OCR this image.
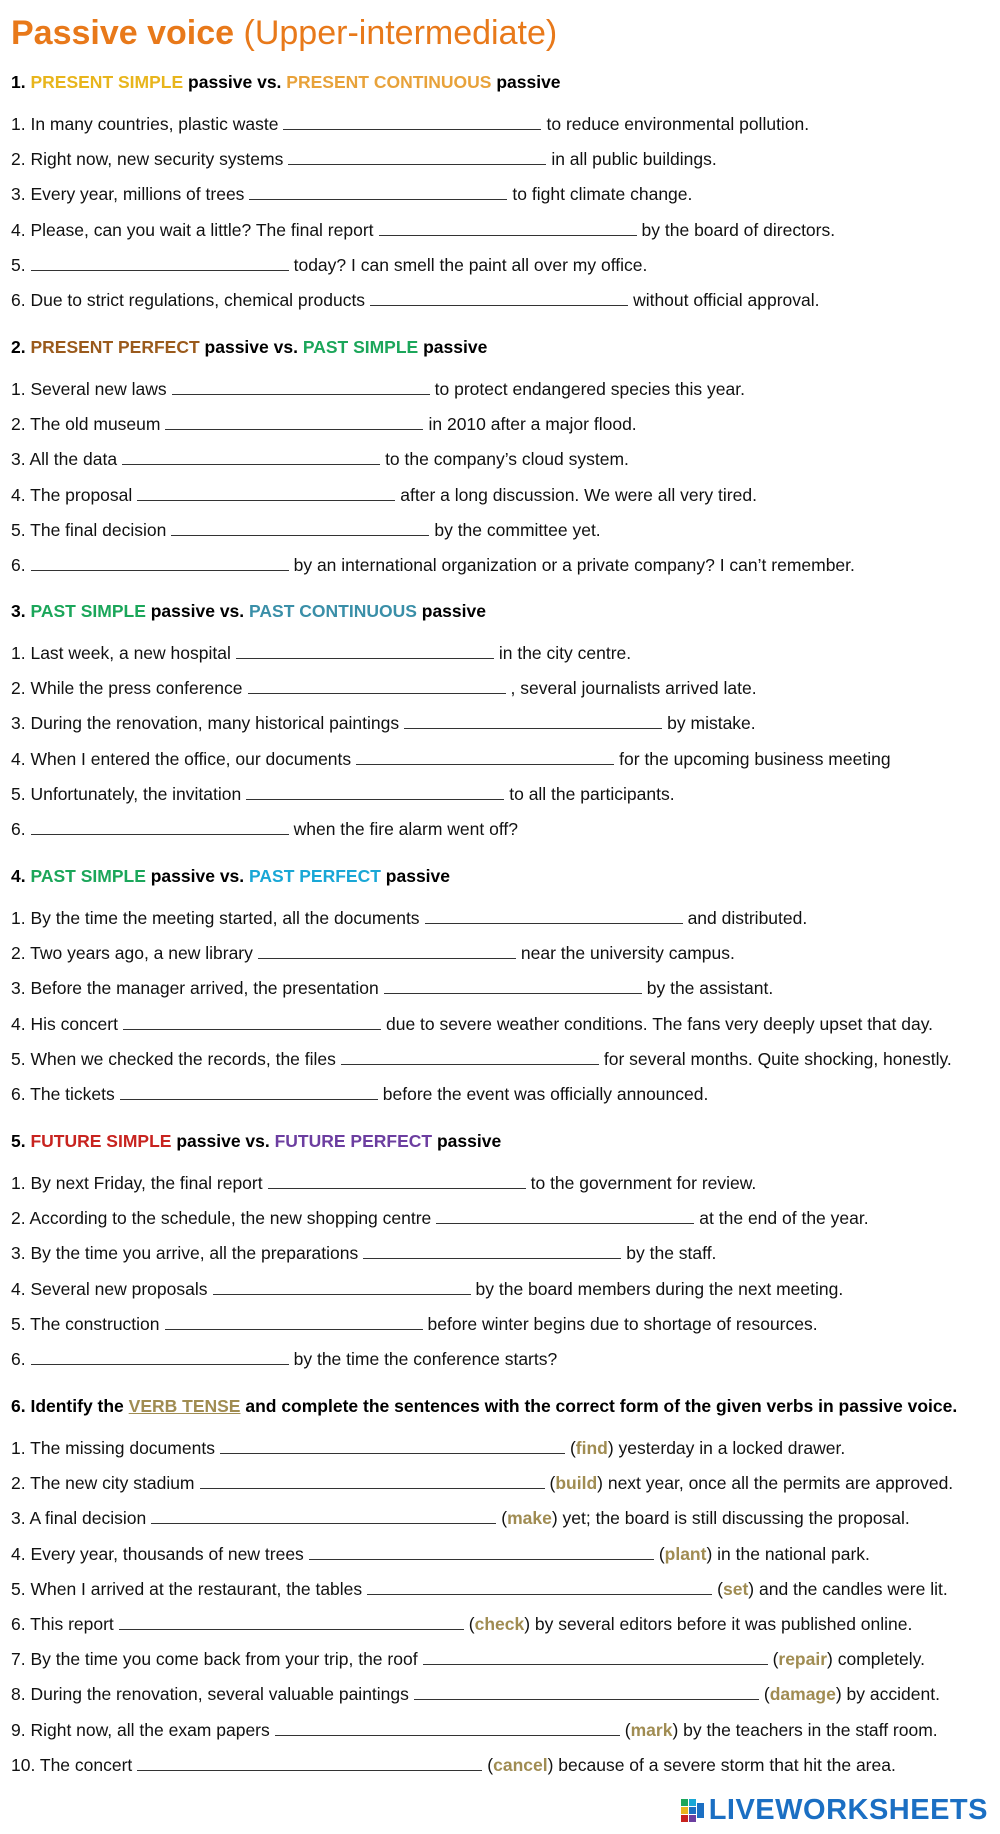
Passive voice (Upper-intermediate)
1. PRESENT SIMPLE passive vs. PRESENT CONTINUOUS passive
1. In many countries, plastic waste	to reduce environmental pollution.
2. Right now, new security systems	in all public buildings.
3. Every year, millions of trees	to fight climate change.
4. Please, can you wait a little? The final report	by the board of directors.
5.	today? I can smell the paint all over my office.
6. Due to strict regulations, chemical products	without official approval.
2. PRESENT PERFECT passive vs. PAST SIMPLE passive
1. Several new laws	to protect endangered species this year.
2. The old museum	in 2010 after a major flood.
3. All the data	to the company’s cloud system.
4. The proposal	after a long discussion. We were all very tired.
5. The final decision	by the committee yet.
6.	by an international organization or a private company? I can’t remember.
3. PAST SIMPLE passive vs. PAST CONTINUOUS passive
1. Last week, a new hospital	in the city centre.
2. While the press conference	, several journalists arrived late.
3. During the renovation, many historical paintings	by mistake.
4. When I entered the office, our documents	for the upcoming business meeting
5. Unfortunately, the invitation	to all the participants.
6.	when the fire alarm went off?
4. PAST SIMPLE passive vs. PAST PERFECT passive
1. By the time the meeting started, all the documents	and distributed.
2. Two years ago, a new library	near the university campus.
3. Before the manager arrived, the presentation	by the assistant.
4. His concert	due to severe weather conditions. The fans very deeply upset that day.
5. When we checked the records, the files	for several months. Quite shocking, honestly.
6. The tickets	before the event was officially announced.
5. FUTURE SIMPLE passive vs. FUTURE PERFECT passive
1. By next Friday, the final report	to the government for review.
2. According to the schedule, the new shopping centre	at the end of the year.
3. By the time you arrive, all the preparations	by the staff.
4. Several new proposals	by the board members during the next meeting.
5. The construction	before winter begins due to shortage of resources.
6.	by the time the conference starts?
6. Identify the VERB TENSE and complete the sentences with the correct form of the given verbs in passive voice.
1. The missing documents	(find) yesterday in a locked drawer.
2. The new city stadium	(build) next year, once all the permits are approved.
3. A final decision	(make) yet; the board is still discussing the proposal.
4. Every year, thousands of new trees	(plant) in the national park.
5. When I arrived at the restaurant, the tables	(set) and the candles were lit.
6. This report	(check) by several editors before it was published online.
7. By the time you come back from your trip, the roof	(repair) completely.
8. During the renovation, several valuable paintings	(damage) by accident.
9. Right now, all the exam papers	(mark) by the teachers in the staff room.
10. The concert	(cancel) because of a severe storm that hit the area.
LIVEWORKSHEETS
